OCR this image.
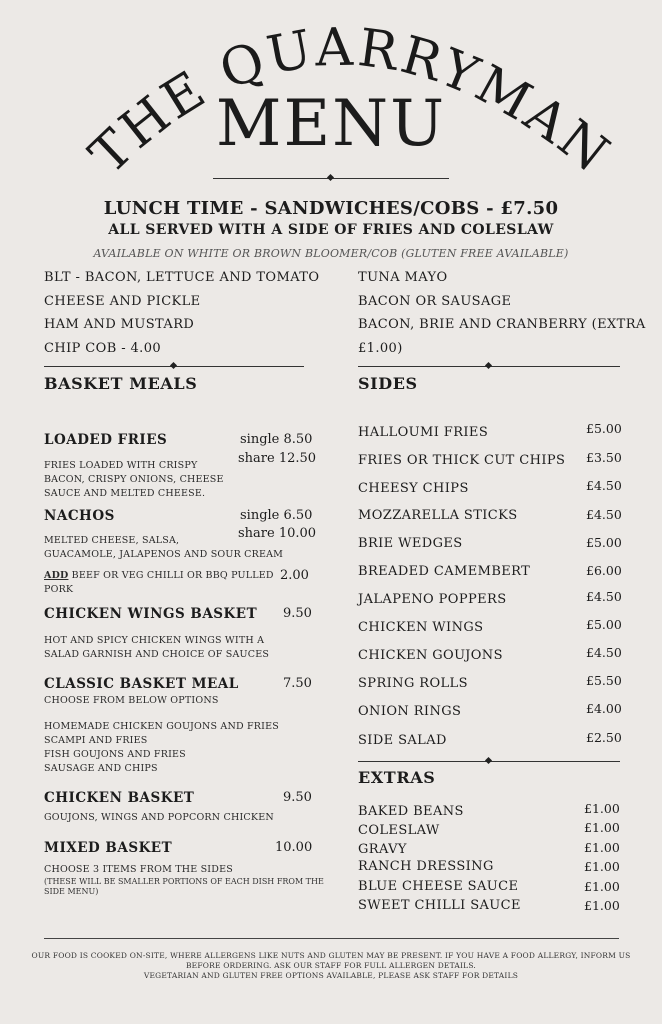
THE QUARRYMAN
MENU
LUNCH TIME - SANDWICHES/COBS - £7.50
ALL SERVED WITH A SIDE OF FRIES AND COLESLAW
AVAILABLE ON WHITE OR BROWN BLOOMER/COB (GLUTEN FREE AVAILABLE)
BLT - BACON, LETTUCE AND TOMATO
CHEESE AND PICKLE
HAM AND MUSTARD
CHIP COB - 4.00
TUNA MAYO
BACON OR SAUSAGE
BACON, BRIE AND CRANBERRY (EXTRA
£1.00)
BASKET MEALS
LOADED FRIES	single 8.50
share 12.50
FRIES LOADED WITH CRISPY
BACON, CRISPY ONIONS, CHEESE
SAUCE AND MELTED CHEESE.
NACHOS	single 6.50
share 10.00
MELTED CHEESE, SALSA,
GUACAMOLE, JALAPENOS AND SOUR CREAM
ADD BEEF OR VEG CHILLI OR BBQ PULLED
PORK
2.00
CHICKEN WINGS BASKET 9.50
HOT AND SPICY CHICKEN WINGS WITH A
SALAD GARNISH AND CHOICE OF SAUCES
CLASSIC BASKET MEAL	7.50
CHOOSE FROM BELOW OPTIONS
HOMEMADE CHICKEN GOUJONS AND FRIES
SCAMPI AND FRIES
FISH GOUJONS AND FRIES
SAUSAGE AND CHIPS
CHICKEN BASKET	9.50
GOUJONS, WINGS AND POPCORN CHICKEN
MIXED BASKET	10.00
CHOOSE 3 ITEMS FROM THE SIDES
(THESE WILL BE SMALLER PORTIONS OF EACH DISH FROM THE
SIDE MENU)
SIDES
HALLOUMI FRIES	£5.00
FRIES OR THICK CUT CHIPS £3.50
CHEESY CHIPS	£4.50
MOZZARELLA STICKS	£4.50
BRIE WEDGES	£5.00
BREADED CAMEMBERT	£6.00
JALAPENO POPPERS	£4.50
CHICKEN WINGS	£5.00
CHICKEN GOUJONS	£4.50
SPRING ROLLS	£5.50
ONION RINGS	£4.00
SIDE SALAD	£2.50
EXTRAS
BAKED BEANS	£1.00
COLESLAW	£1.00
GRAVY	£1.00
RANCH DRESSING	£1.00
BLUE CHEESE SAUCE	£1.00
SWEET CHILLI SAUCE	£1.00
OUR FOOD IS COOKED ON-SITE, WHERE ALLERGENS LIKE NUTS AND GLUTEN MAY BE PRESENT. IF YOU HAVE A FOOD ALLERGY, INFORM US
BEFORE ORDERING. ASK OUR STAFF FOR FULL ALLERGEN DETAILS.
VEGETARIAN AND GLUTEN FREE OPTIONS AVAILABLE, PLEASE ASK STAFF FOR DETAILS
